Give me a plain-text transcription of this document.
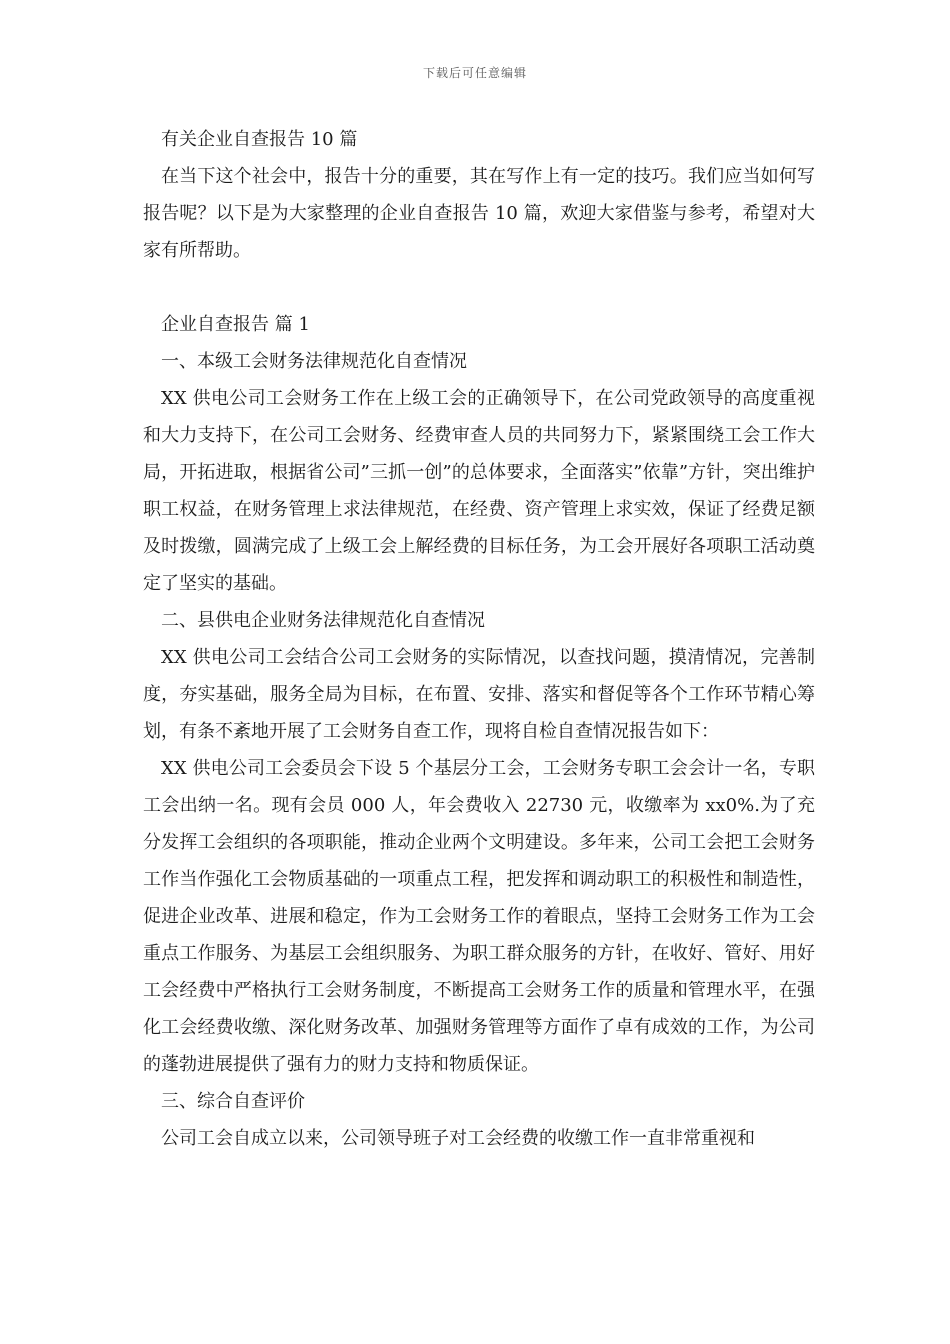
下载后可任意编辑

有关企业自查报告 10 篇

在当下这个社会中，报告十分的重要，其在写作上有一定的技巧。我们应当如何写报告呢？以下是为大家整理的企业自查报告 10 篇，欢迎大家借鉴与参考，希望对大家有所帮助。

企业自查报告 篇 1

一、本级工会财务法律规范化自查情况

XX 供电公司工会财务工作在上级工会的正确领导下，在公司党政领导的高度重视和大力支持下，在公司工会财务、经费审查人员的共同努力下，紧紧围绕工会工作大局，开拓进取，根据省公司”三抓一创”的总体要求，全面落实”依靠”方针，突出维护职工权益，在财务管理上求法律规范，在经费、资产管理上求实效，保证了经费足额及时拨缴，圆满完成了上级工会上解经费的目标任务，为工会开展好各项职工活动奠定了坚实的基础。

二、县供电企业财务法律规范化自查情况

XX 供电公司工会结合公司工会财务的实际情况，以查找问题，摸清情况，完善制度，夯实基础，服务全局为目标，在布置、安排、落实和督促等各个工作环节精心筹划，有条不紊地开展了工会财务自查工作，现将自检自查情况报告如下：

XX 供电公司工会委员会下设 5 个基层分工会，工会财务专职工会会计一名，专职工会出纳一名。现有会员 000 人，年会费收入 22730 元，收缴率为 xx0%.为了充分发挥工会组织的各项职能，推动企业两个文明建设。多年来，公司工会把工会财务工作当作强化工会物质基础的一项重点工程，把发挥和调动职工的积极性和制造性，促进企业改革、进展和稳定，作为工会财务工作的着眼点，坚持工会财务工作为工会重点工作服务、为基层工会组织服务、为职工群众服务的方针，在收好、管好、用好工会经费中严格执行工会财务制度，不断提高工会财务工作的质量和管理水平，在强化工会经费收缴、深化财务改革、加强财务管理等方面作了卓有成效的工作，为公司的蓬勃进展提供了强有力的财力支持和物质保证。

三、综合自查评价

公司工会自成立以来，公司领导班子对工会经费的收缴工作一直非常重视和
